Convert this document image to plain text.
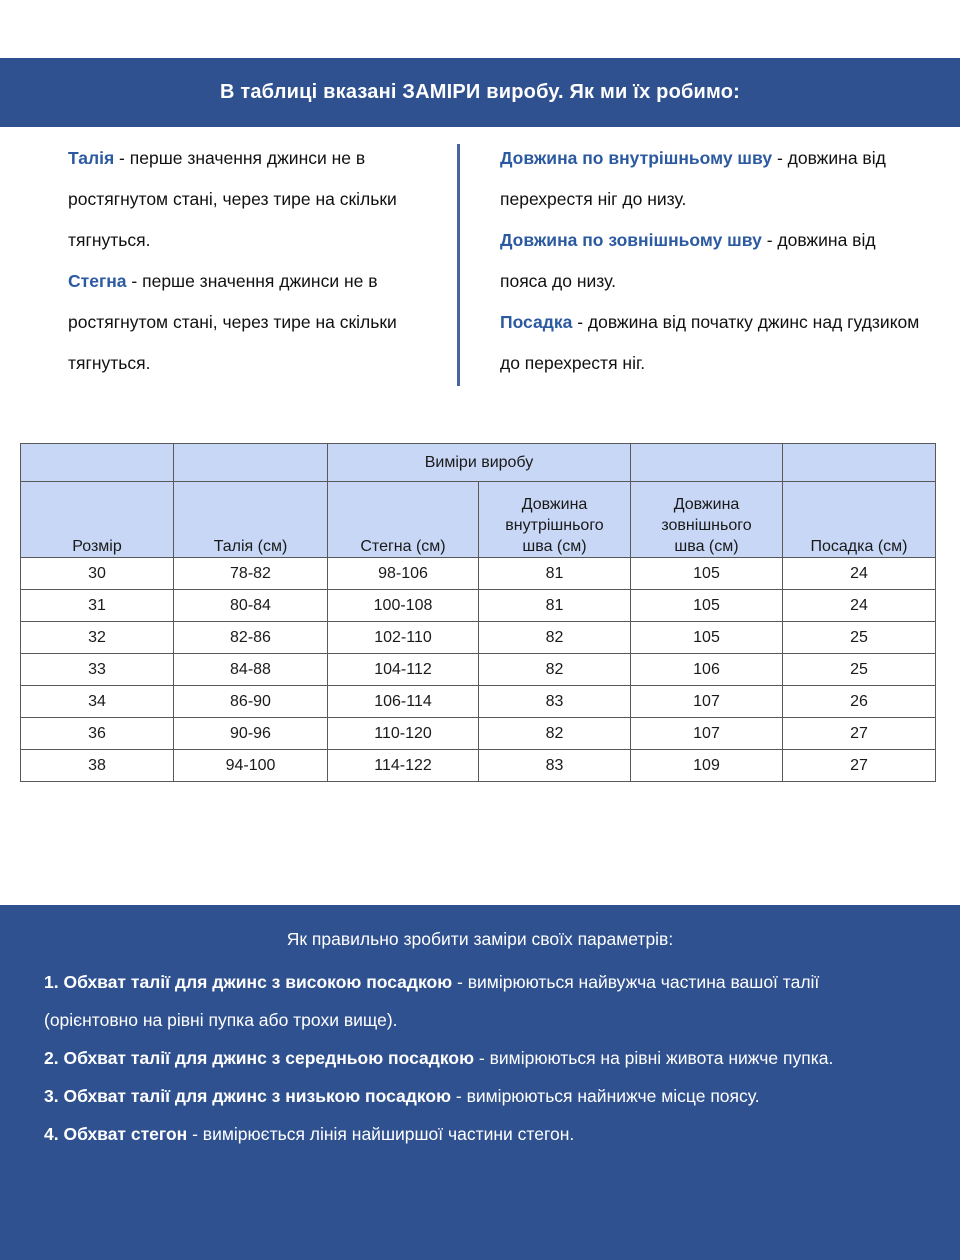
В таблиці вказані ЗАМІРИ виробу. Як ми їх робимо:

Талія - перше значення джинси не в ростягнутом стані, через тире на скільки тягнуться.

Стегна - перше значення джинси не в ростягнутом стані, через тире на скільки тягнуться.

Довжина по внутрішньому шву - довжина від перехрестя ніг до низу.

Довжина по зовнішньому шву - довжина від пояса до низу.

Посадка - довжина від початку джинс над гудзиком до перехрестя ніг.

		Виміри виробу			
Розмір	Талія (см)	Стегна (см)	Довжина
внутрішнього
шва (см)	Довжина
зовнішнього
шва (см)	Посадка (см)
30	78-82	98-106	81	105	24
31	80-84	100-108	81	105	24
32	82-86	102-110	82	105	25
33	84-88	104-112	82	106	25
34	86-90	106-114	83	107	26
36	90-96	110-120	82	107	27
38	94-100	114-122	83	109	27

Як правильно зробити заміри своїх параметрів:

1. Обхват талії для джинс з високою посадкою - вимірюються найвужча частина вашої талії (орієнтовно на рівні пупка або трохи вище).

2. Обхват талії для джинс з середньою посадкою - вимірюються на рівні живота нижче пупка.

3. Обхват талії для джинс з низькою посадкою - вимірюються найнижче місце поясу.

4. Обхват стегон - вимірюється лінія найширшої частини стегон.
